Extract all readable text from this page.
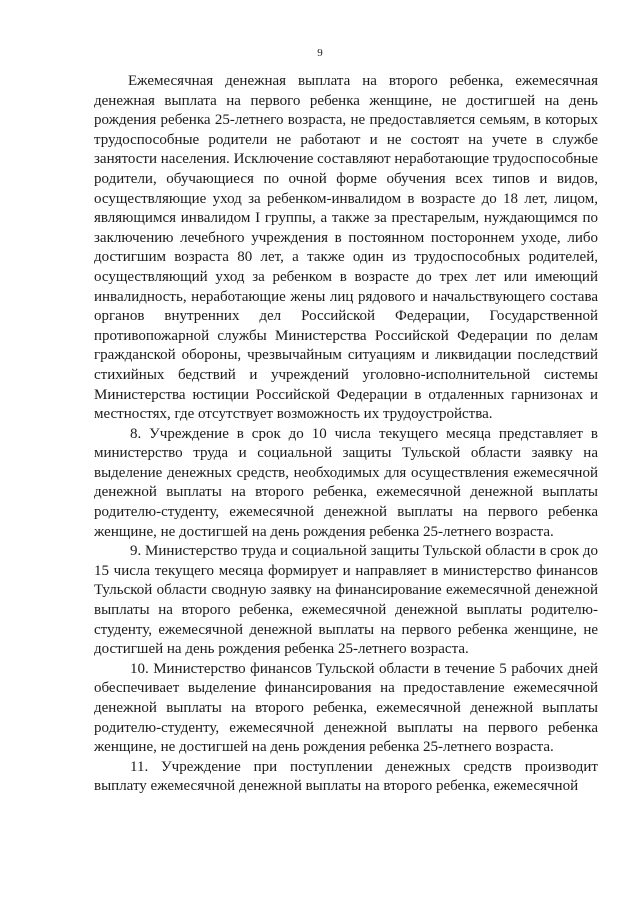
9

Ежемесячная денежная выплата на второго ребенка, ежемесячная денежная выплата на первого ребенка женщине, не достигшей на день рождения ребенка 25-летнего возраста, не предоставляется семьям, в которых трудоспособные родители не работают и не состоят на учете в службе занятости населения. Исключение составляют неработающие трудоспособные родители, обучающиеся по очной форме обучения всех типов и видов, осуществляющие уход за ребенком-инвалидом в возрасте до 18 лет, лицом, являющимся инвалидом I группы, а также за престарелым, нуждающимся по заключению лечебного учреждения в постоянном постороннем уходе, либо достигшим возраста 80 лет, а также один из трудоспособных родителей, осуществляющий уход за ребенком в возрасте до трех лет или имеющий инвалидность, неработающие жены лиц рядового и начальствующего состава органов внутренних дел Российской Федерации, Государственной противопожарной службы Министерства Российской Федерации по делам гражданской обороны, чрезвычайным ситуациям и ликвидации последствий стихийных бедствий и учреждений уголовно-исполнительной системы Министерства юстиции Российской Федерации в отдаленных гарнизонах и местностях, где отсутствует возможность их трудоустройства.

8. Учреждение в срок до 10 числа текущего месяца представляет в министерство труда и социальной защиты Тульской области заявку на выделение денежных средств, необходимых для осуществления ежемесячной денежной выплаты на второго ребенка, ежемесячной денежной выплаты родителю-студенту, ежемесячной денежной выплаты на первого ребенка женщине, не достигшей на день рождения ребенка 25-летнего возраста.

9. Министерство труда и социальной защиты Тульской области в срок до 15 числа текущего месяца формирует и направляет в министерство финансов Тульской области сводную заявку на финансирование ежемесячной денежной выплаты на второго ребенка, ежемесячной денежной выплаты родителю-студенту, ежемесячной денежной выплаты на первого ребенка женщине, не достигшей на день рождения ребенка 25-летнего возраста.

10. Министерство финансов Тульской области в течение 5 рабочих дней обеспечивает выделение финансирования на предоставление ежемесячной денежной выплаты на второго ребенка, ежемесячной денежной выплаты родителю-студенту, ежемесячной денежной выплаты на первого ребенка женщине, не достигшей на день рождения ребенка 25-летнего возраста.

11. Учреждение при поступлении денежных средств производит выплату ежемесячной денежной выплаты на второго ребенка, ежемесячной
